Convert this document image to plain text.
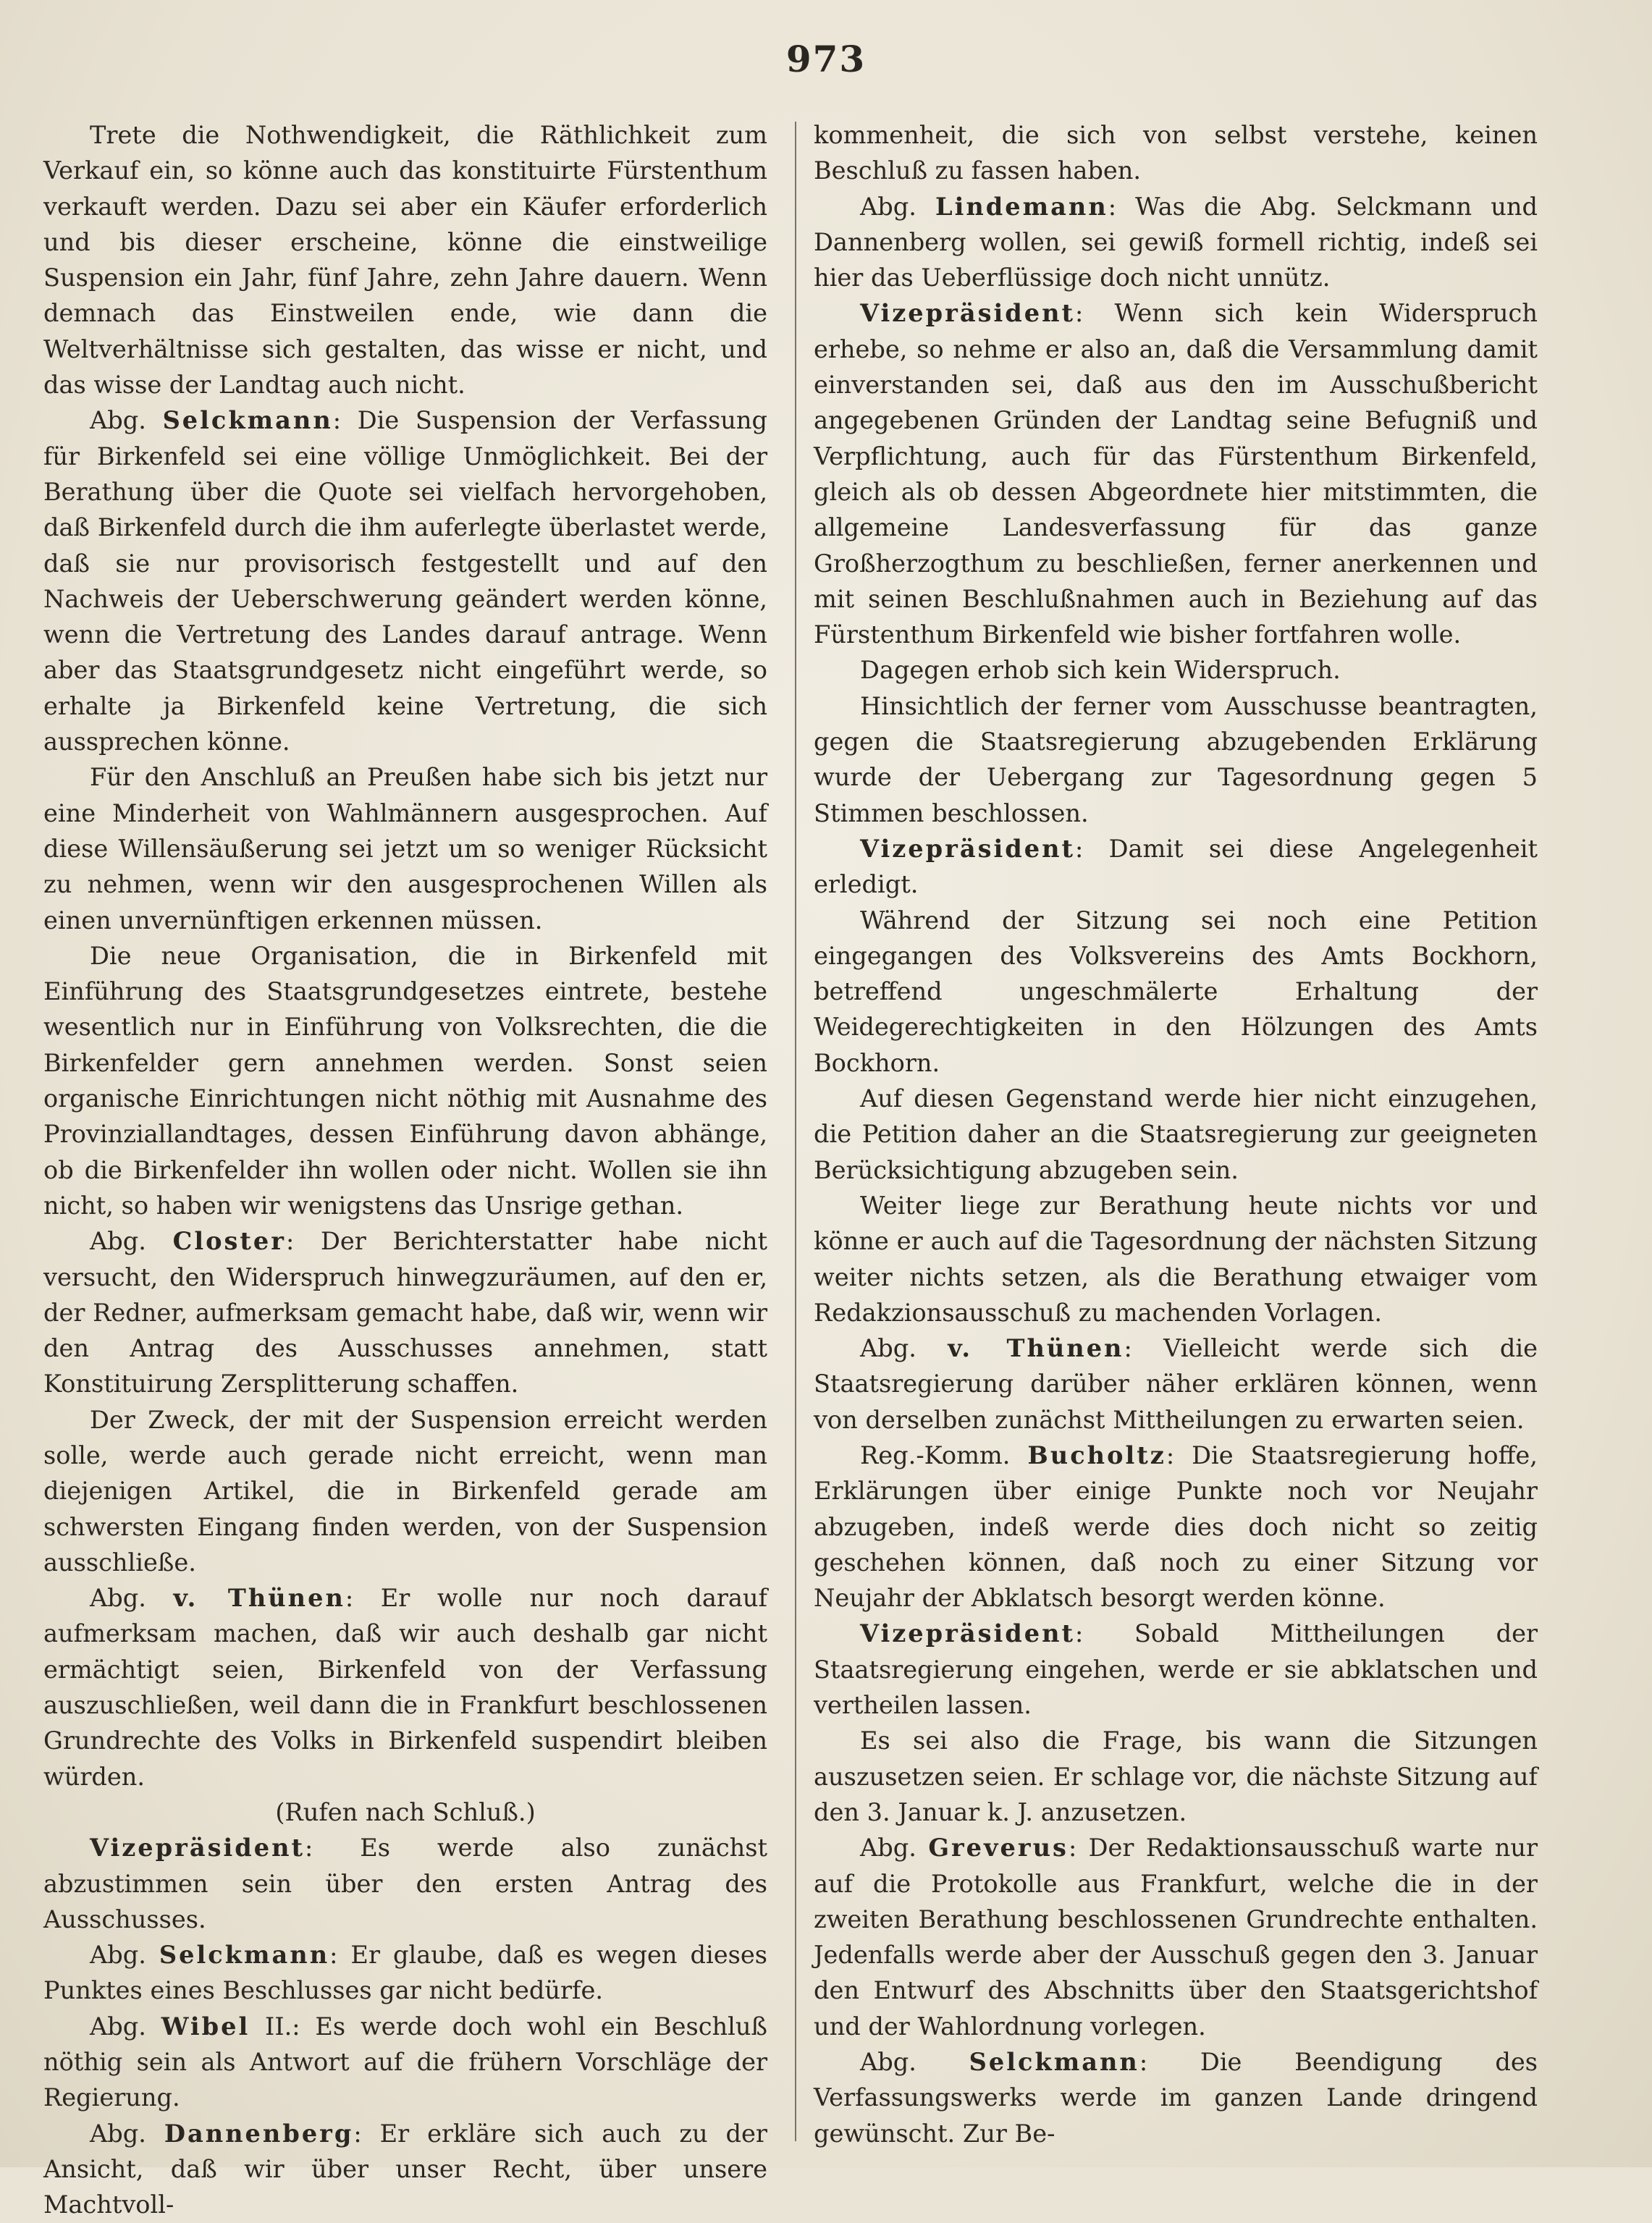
973

Trete die Nothwendigkeit, die Räthlichkeit zum Verkauf ein, so könne auch das konstituirte Fürstenthum verkauft werden. Dazu sei aber ein Käufer erforderlich und bis dieser erscheine, könne die einstweilige Suspension ein Jahr, fünf Jahre, zehn Jahre dauern. Wenn demnach das Einstweilen ende, wie dann die Weltverhältnisse sich gestalten, das wisse er nicht, und das wisse der Landtag auch nicht.

Abg. Selckmann: Die Suspension der Verfassung für Birkenfeld sei eine völlige Unmöglichkeit. Bei der Berathung über die Quote sei vielfach hervorgehoben, daß Birkenfeld durch die ihm auferlegte überlastet werde, daß sie nur provisorisch festgestellt und auf den Nachweis der Ueberschwerung geändert werden könne, wenn die Vertretung des Landes darauf antrage. Wenn aber das Staatsgrundgesetz nicht eingeführt werde, so erhalte ja Birkenfeld keine Vertretung, die sich aussprechen könne.

Für den Anschluß an Preußen habe sich bis jetzt nur eine Minderheit von Wahlmännern ausgesprochen. Auf diese Willensäußerung sei jetzt um so weniger Rücksicht zu nehmen, wenn wir den ausgesprochenen Willen als einen unvernünftigen erkennen müssen.

Die neue Organisation, die in Birkenfeld mit Einführung des Staatsgrundgesetzes eintrete, bestehe wesentlich nur in Einführung von Volksrechten, die die Birkenfelder gern annehmen werden. Sonst seien organische Einrichtungen nicht nöthig mit Ausnahme des Provinziallandtages, dessen Einführung davon abhänge, ob die Birkenfelder ihn wollen oder nicht. Wollen sie ihn nicht, so haben wir wenigstens das Unsrige gethan.

Abg. Closter: Der Berichterstatter habe nicht versucht, den Widerspruch hinwegzuräumen, auf den er, der Redner, aufmerksam gemacht habe, daß wir, wenn wir den Antrag des Ausschusses annehmen, statt Konstituirung Zersplitterung schaffen.

Der Zweck, der mit der Suspension erreicht werden solle, werde auch gerade nicht erreicht, wenn man diejenigen Artikel, die in Birkenfeld gerade am schwersten Eingang finden werden, von der Suspension ausschließe.

Abg. v. Thünen: Er wolle nur noch darauf aufmerksam machen, daß wir auch deshalb gar nicht ermächtigt seien, Birkenfeld von der Verfassung auszuschließen, weil dann die in Frankfurt beschlossenen Grundrechte des Volks in Birkenfeld suspendirt bleiben würden.

(Rufen nach Schluß.)

Vizepräsident: Es werde also zunächst abzustimmen sein über den ersten Antrag des Ausschusses.

Abg. Selckmann: Er glaube, daß es wegen dieses Punktes eines Beschlusses gar nicht bedürfe.

Abg. Wibel II.: Es werde doch wohl ein Beschluß nöthig sein als Antwort auf die frühern Vorschläge der Regierung.

Abg. Dannenberg: Er erkläre sich auch zu der Ansicht, daß wir über unser Recht, über unsere Machtvoll-

kommenheit, die sich von selbst verstehe, keinen Beschluß zu fassen haben.

Abg. Lindemann: Was die Abg. Selckmann und Dannenberg wollen, sei gewiß formell richtig, indeß sei hier das Ueberflüssige doch nicht unnütz.

Vizepräsident: Wenn sich kein Widerspruch erhebe, so nehme er also an, daß die Versammlung damit einverstanden sei, daß aus den im Ausschußbericht angegebenen Gründen der Landtag seine Befugniß und Verpflichtung, auch für das Fürstenthum Birkenfeld, gleich als ob dessen Abgeordnete hier mitstimmten, die allgemeine Landesverfassung für das ganze Großherzogthum zu beschließen, ferner anerkennen und mit seinen Beschlußnahmen auch in Beziehung auf das Fürstenthum Birkenfeld wie bisher fortfahren wolle.

Dagegen erhob sich kein Widerspruch.

Hinsichtlich der ferner vom Ausschusse beantragten, gegen die Staatsregierung abzugebenden Erklärung wurde der Uebergang zur Tagesordnung gegen 5 Stimmen beschlossen.

Vizepräsident: Damit sei diese Angelegenheit erledigt.

Während der Sitzung sei noch eine Petition eingegangen des Volksvereins des Amts Bockhorn, betreffend ungeschmälerte Erhaltung der Weidegerechtigkeiten in den Hölzungen des Amts Bockhorn.

Auf diesen Gegenstand werde hier nicht einzugehen, die Petition daher an die Staatsregierung zur geeigneten Berücksichtigung abzugeben sein.

Weiter liege zur Berathung heute nichts vor und könne er auch auf die Tagesordnung der nächsten Sitzung weiter nichts setzen, als die Berathung etwaiger vom Redakzionsausschuß zu machenden Vorlagen.

Abg. v. Thünen: Vielleicht werde sich die Staatsregierung darüber näher erklären können, wenn von derselben zunächst Mittheilungen zu erwarten seien.

Reg.-Komm. Bucholtz: Die Staatsregierung hoffe, Erklärungen über einige Punkte noch vor Neujahr abzugeben, indeß werde dies doch nicht so zeitig geschehen können, daß noch zu einer Sitzung vor Neujahr der Abklatsch besorgt werden könne.

Vizepräsident: Sobald Mittheilungen der Staatsregierung eingehen, werde er sie abklatschen und vertheilen lassen.

Es sei also die Frage, bis wann die Sitzungen auszusetzen seien. Er schlage vor, die nächste Sitzung auf den 3. Januar k. J. anzusetzen.

Abg. Greverus: Der Redaktionsausschuß warte nur auf die Protokolle aus Frankfurt, welche die in der zweiten Berathung beschlossenen Grundrechte enthalten. Jedenfalls werde aber der Ausschuß gegen den 3. Januar den Entwurf des Abschnitts über den Staatsgerichtshof und der Wahlordnung vorlegen.

Abg. Selckmann: Die Beendigung des Verfassungswerks werde im ganzen Lande dringend gewünscht. Zur Be-
